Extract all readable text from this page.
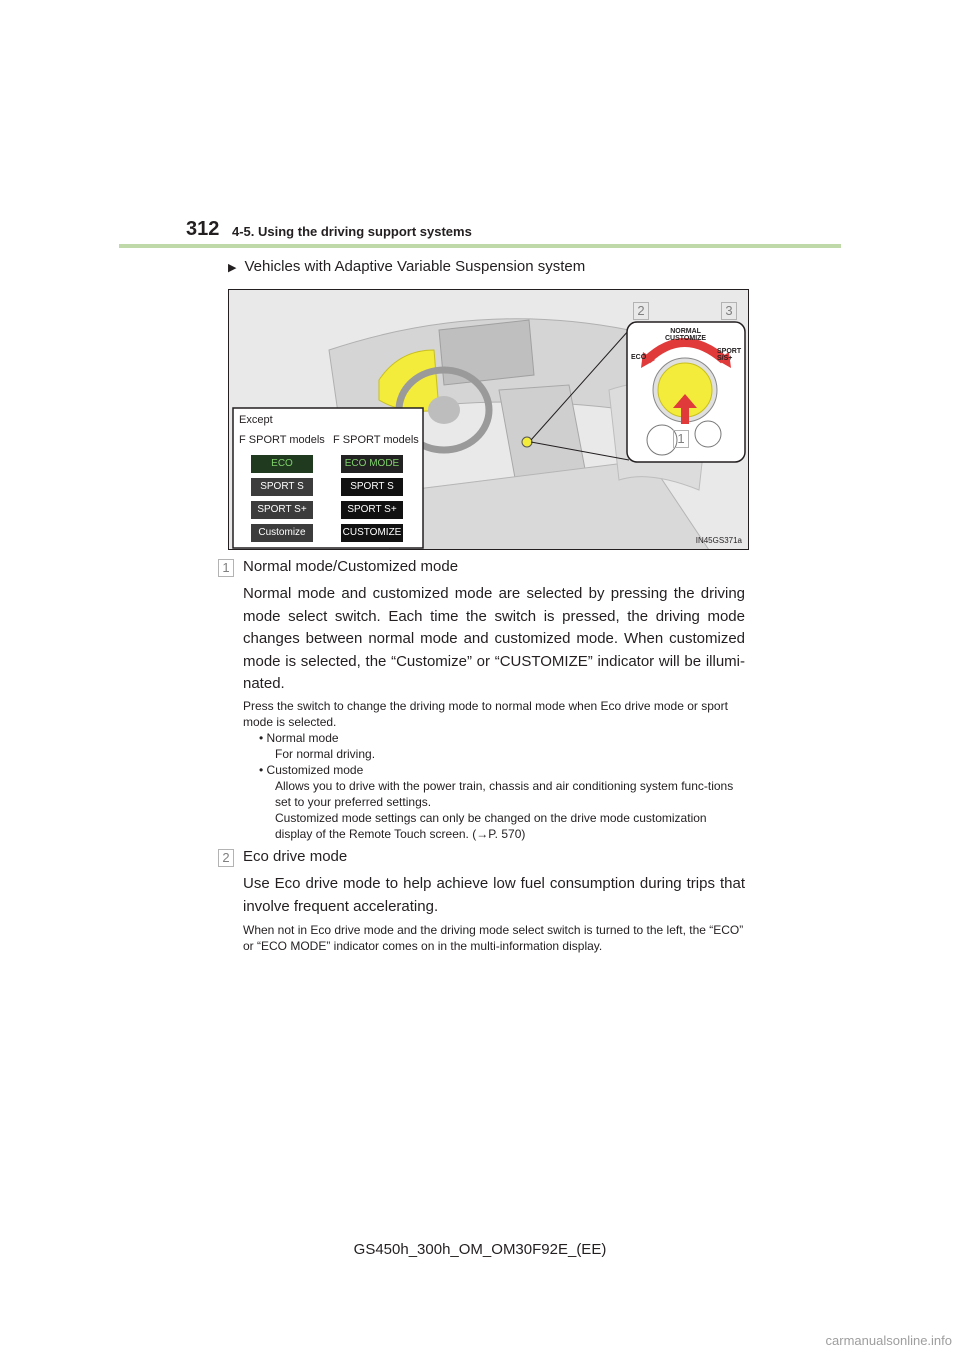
312 4-5. Using the driving support systems
▶ Vehicles with Adaptive Variable Suspension system
Except
F SPORT models F SPORT models
ECO
NORMAL
CUSTOMIZE
SPORT
S/S+
2	3
1
ECO
SPORT S
SPORT S+
Customize
ECO MODE
SPORT S
SPORT S+
CUSTOMIZE
IN45GS371a
1 Normal mode/Customized mode
Normal mode and customized mode are selected by pressing the driving mode select switch. Each time the switch is pressed, the driving mode changes between normal mode and customized mode. When customized mode is selected, the “Customize” or “CUSTOMIZE” indicator will be illumi-nated.
Press the switch to change the driving mode to normal mode when Eco drive mode or sport mode is selected.
• Normal mode
For normal driving.
• Customized mode
Allows you to drive with the power train, chassis and air conditioning system func-tions set to your preferred settings.
Customized mode settings can only be changed on the drive mode customization display of the Remote Touch screen. (→P. 570)
2 Eco drive mode
Use Eco drive mode to help achieve low fuel consumption during trips that involve frequent accelerating.
When not in Eco drive mode and the driving mode select switch is turned to the left, the “ECO” or “ECO MODE” indicator comes on in the multi-information display.
GS450h_300h_OM_OM30F92E_(EE)
carmanualsonline.info
